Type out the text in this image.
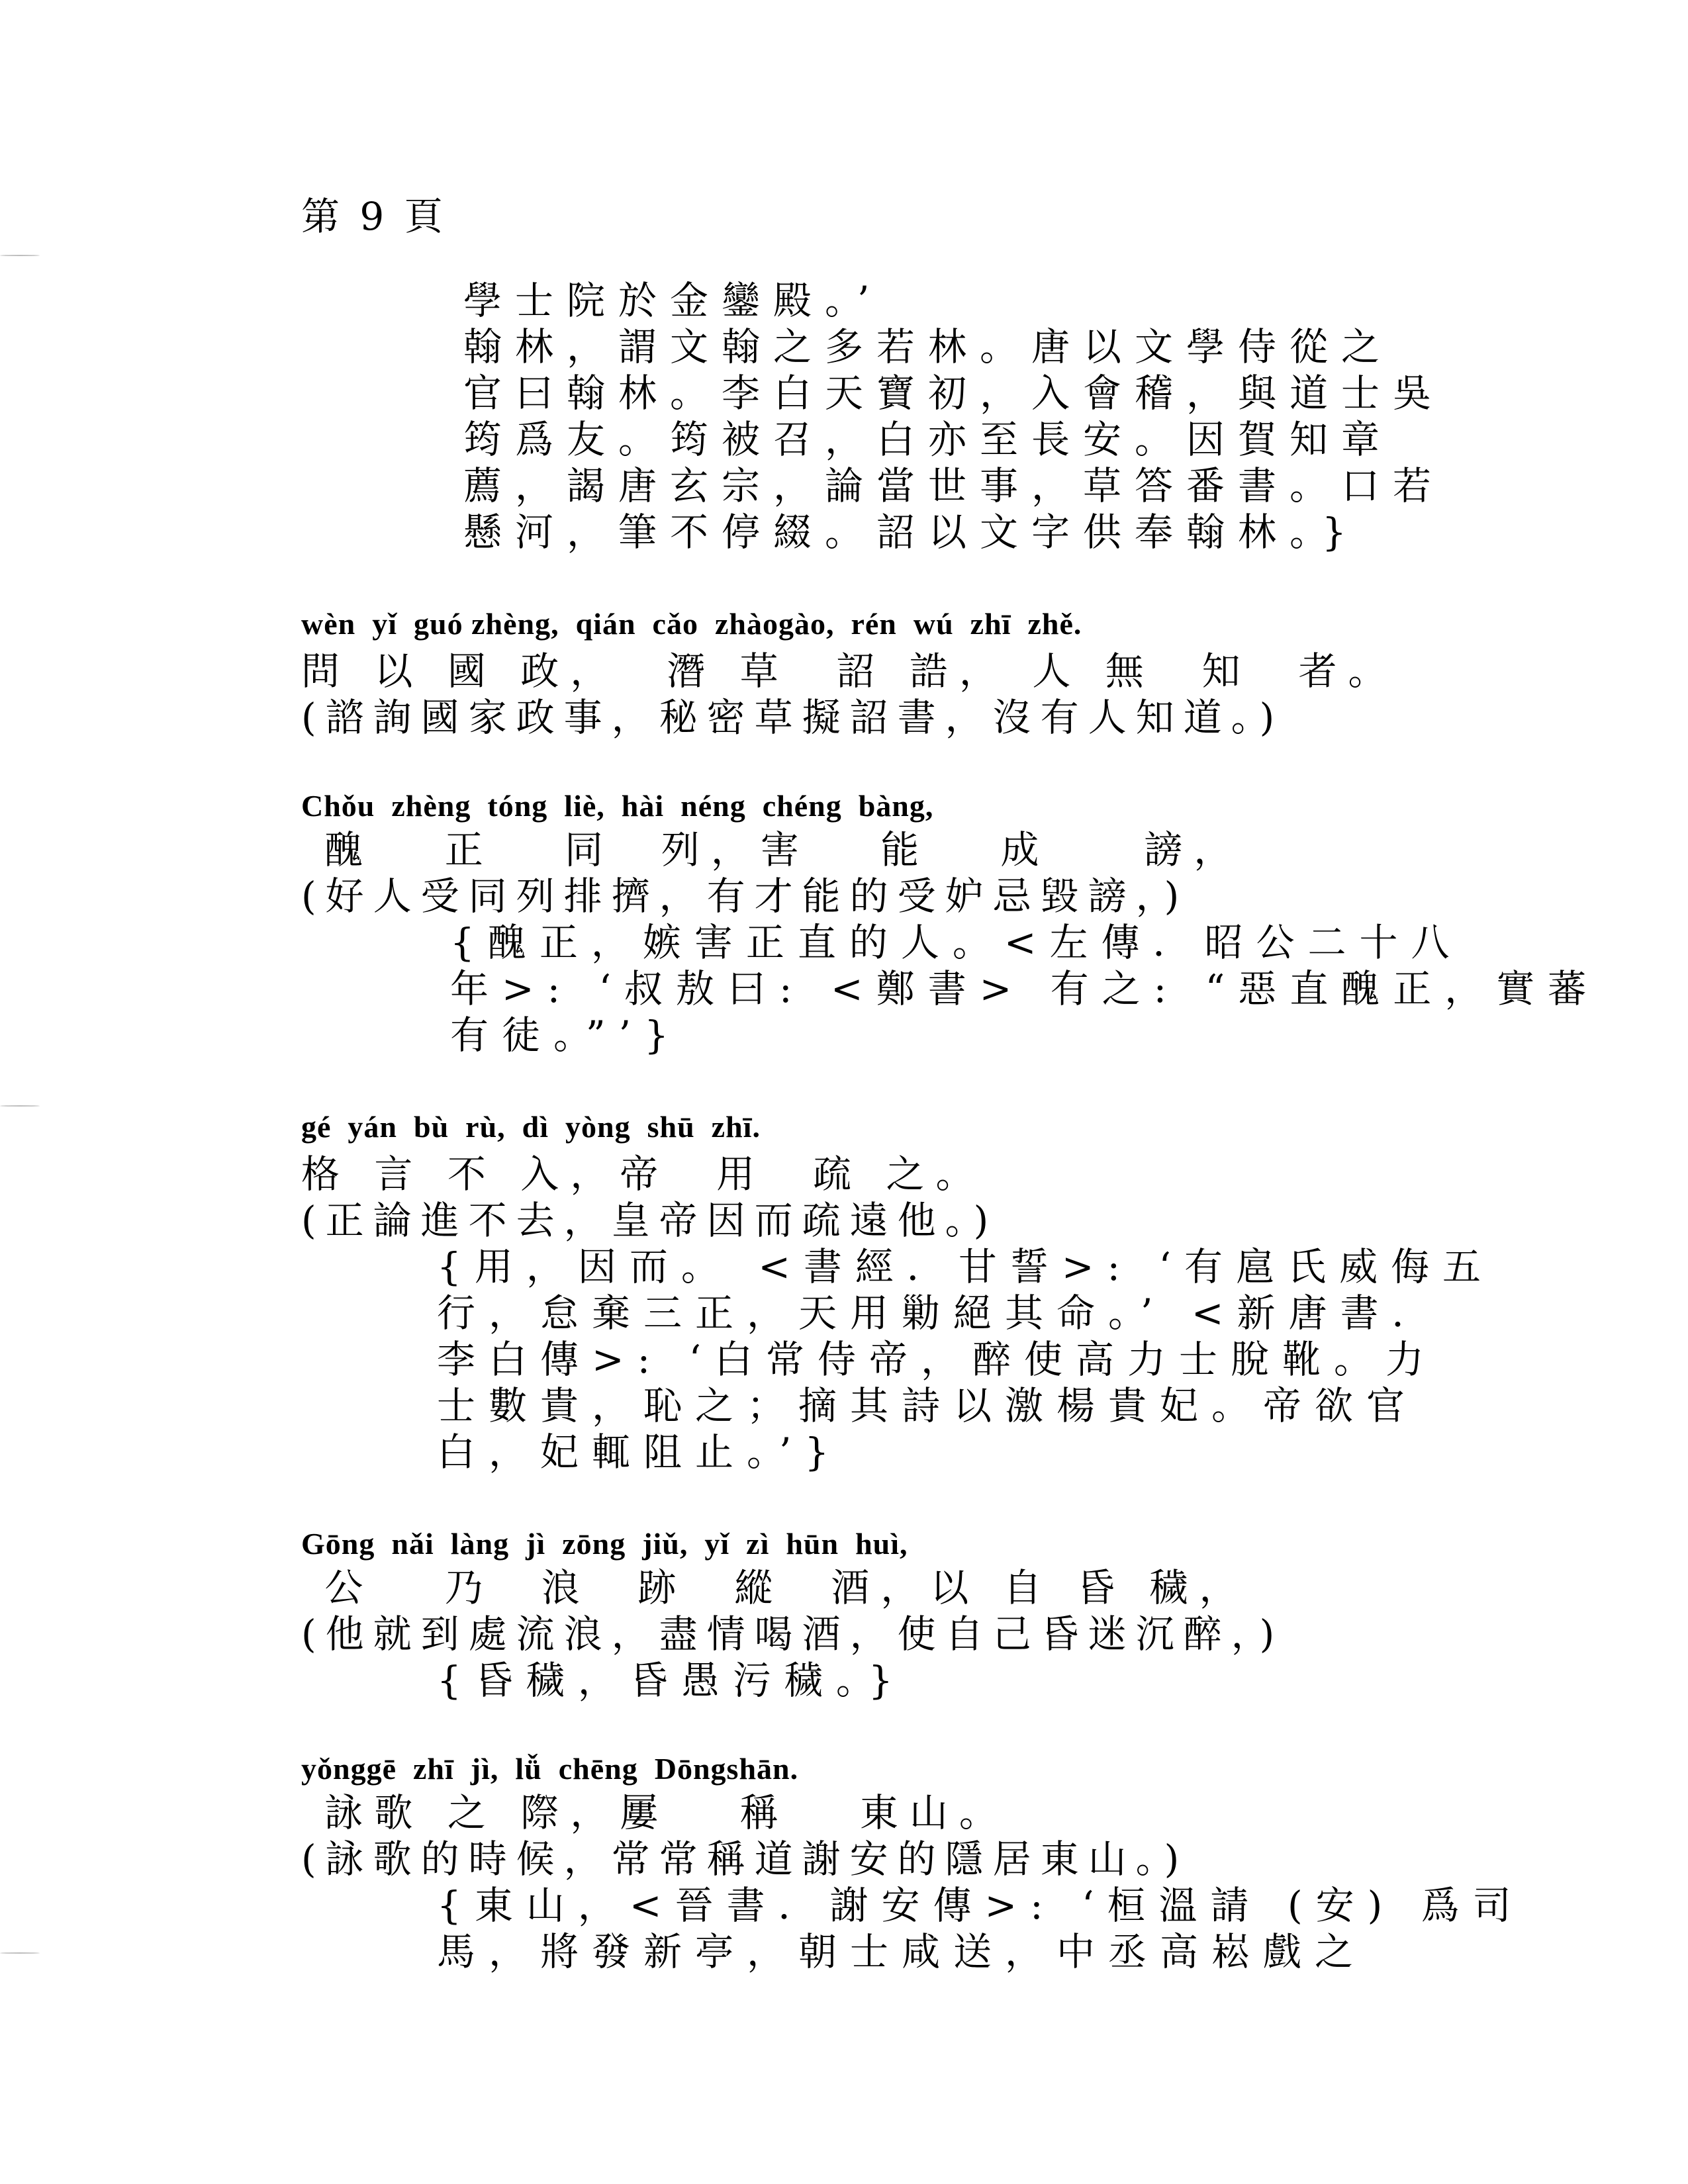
第 9 頁
學士院於金鑾殿。’
翰林，謂文翰之多若林。唐以文學侍從之
官曰翰林。李白天寶初，入會稽，與道士吳
筠爲友。筠被召，白亦至長安。因賀知章
薦，謁唐玄宗，論當世事，草答番書。口若
懸河，筆不停綴。詔以文字供奉翰林。}
wèn  yǐ  guó zhèng,  qián  cǎo  zhàogào,  rén  wú  zhī  zhě.
問 以 國 政，  潛 草  詔 誥， 人 無  知  者。
(諮詢國家政事，秘密草擬詔書，沒有人知道。)
Chǒu  zhèng  tóng  liè,  hài  néng  chéng  bàng,
醜   正   同  列，害   能   成    謗，
(好人受同列排擠，有才能的受妒忌毀謗，)
{醜正，嫉害正直的人。<左傳．昭公二十八
年>: ‘叔敖曰: <鄭書> 有之: “惡直醜正，實蕃
有徒。”’}
gé  yán  bù  rù,  dì  yòng  shū  zhī.
格 言 不 入，帝  用  疏 之。
(正論進不去，皇帝因而疏遠他。)
{用，因而。 <書經．甘誓>: ‘有扈氏威侮五
行，怠棄三正，天用勦絕其命。’ <新唐書．
李白傳>: ‘白常侍帝，醉使高力士脫靴。力
士數貴，恥之；摘其詩以激楊貴妃。帝欲官
白，妃輒阻止。’}
Gōng  nǎi  làng  jì  zōng  jiǔ,  yǐ  zì  hūn  huì,
公   乃  浪  跡  縱  酒，以 自 昏 穢，
(他就到處流浪，盡情喝酒，使自己昏迷沉醉，)
{昏穢，昏愚污穢。}
yǒnggē  zhī  jì,  lǚ  chēng  Dōngshān.
詠歌 之 際，屢   稱   東山。
(詠歌的時候，常常稱道謝安的隱居東山。)
{東山，<晉書．謝安傳>: ‘桓溫請 (安) 爲司
馬，將發新亭，朝士咸送，中丞高崧戲之
